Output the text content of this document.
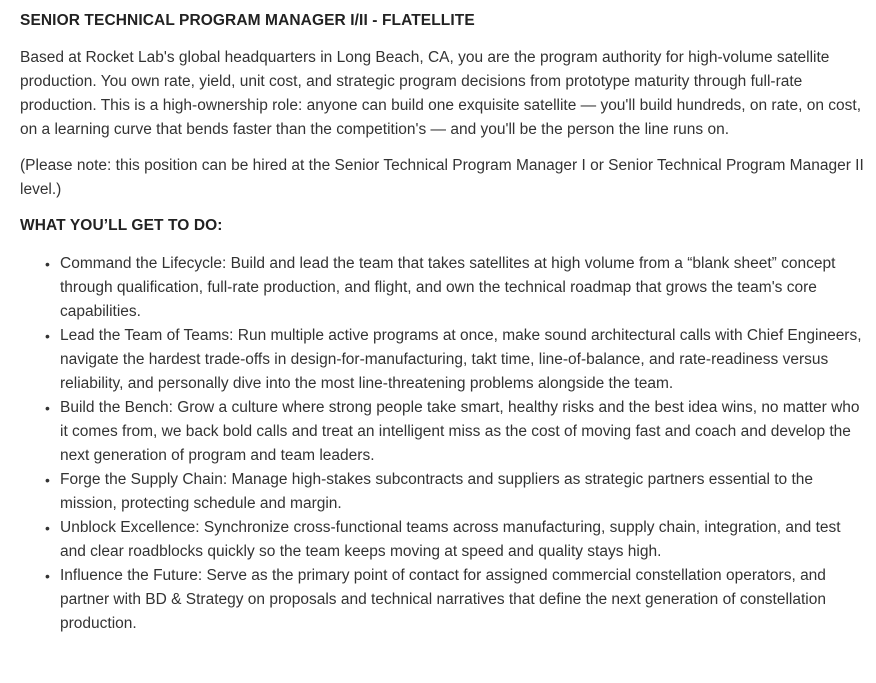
SENIOR TECHNICAL PROGRAM MANAGER I/II - FLATELLITE

Based at Rocket Lab's global headquarters in Long Beach, CA, you are the program authority for high-volume satellite production. You own rate, yield, unit cost, and strategic program decisions from prototype maturity through full-rate production. This is a high-ownership role: anyone can build one exquisite satellite — you'll build hundreds, on rate, on cost, on a learning curve that bends faster than the competition's — and you'll be the person the line runs on.

(Please note: this position can be hired at the Senior Technical Program Manager I or Senior Technical Program Manager II level.)

WHAT YOU’LL GET TO DO:
• Command the Lifecycle: Build and lead the team that takes satellites at high volume from a “blank sheet” concept through qualification, full-rate production, and flight, and own the technical roadmap that grows the team's core capabilities.
• Lead the Team of Teams: Run multiple active programs at once, make sound architectural calls with Chief Engineers, navigate the hardest trade-offs in design-for-manufacturing, takt time, line-of-balance, and rate-readiness versus reliability, and personally dive into the most line-threatening problems alongside the team.
• Build the Bench: Grow a culture where strong people take smart, healthy risks and the best idea wins, no matter who it comes from, we back bold calls and treat an intelligent miss as the cost of moving fast and coach and develop the next generation of program and team leaders.
• Forge the Supply Chain: Manage high-stakes subcontracts and suppliers as strategic partners essential to the mission, protecting schedule and margin.
• Unblock Excellence: Synchronize cross-functional teams across manufacturing, supply chain, integration, and test and clear roadblocks quickly so the team keeps moving at speed and quality stays high.
• Influence the Future: Serve as the primary point of contact for assigned commercial constellation operators, and partner with BD & Strategy on proposals and technical narratives that define the next generation of constellation production.
